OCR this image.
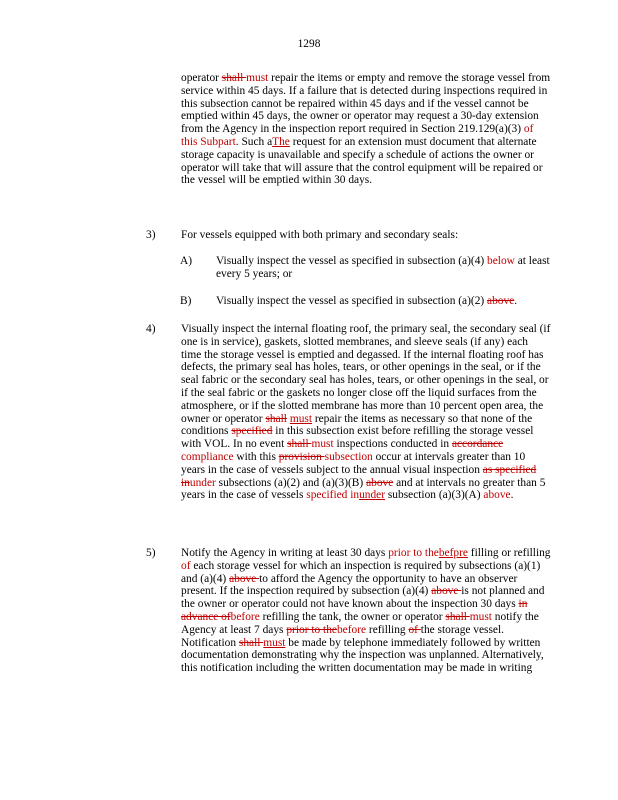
1298

operator shall must repair the items or empty and remove the storage vessel from service within 45 days. If a failure that is detected during inspections required in this subsection cannot be repaired within 45 days and if the vessel cannot be emptied within 45 days, the owner or operator may request a 30-day extension from the Agency in the inspection report required in Section 219.129(a)(3) of this Subpart. Such aThe request for an extension must document that alternate storage capacity is unavailable and specify a schedule of actions the owner or operator will take that will assure that the control equipment will be repaired or the vessel will be emptied within 30 days.

3) For vessels equipped with both primary and secondary seals:

A) Visually inspect the vessel as specified in subsection (a)(4) below at least every 5 years; or

B) Visually inspect the vessel as specified in subsection (a)(2) above.

4) Visually inspect the internal floating roof, the primary seal, the secondary seal (if one is in service), gaskets, slotted membranes, and sleeve seals (if any) each time the storage vessel is emptied and degassed. If the internal floating roof has defects, the primary seal has holes, tears, or other openings in the seal, or if the seal fabric or the secondary seal has holes, tears, or other openings in the seal, or if the seal fabric or the gaskets no longer close off the liquid surfaces from the atmosphere, or if the slotted membrane has more than 10 percent open area, the owner or operator shall must repair the items as necessary so that none of the conditions specified in this subsection exist before refilling the storage vessel with VOL. In no event shall must inspections conducted in accordance compliance with this provision subsection occur at intervals greater than 10 years in the case of vessels subject to the annual visual inspection as specified inunder subsections (a)(2) and (a)(3)(B) above and at intervals no greater than 5 years in the case of vessels specified inunder subsection (a)(3)(A) above.

5) Notify the Agency in writing at least 30 days prior to thebefpre filling or refilling of each storage vessel for which an inspection is required by subsections (a)(1) and (a)(4) above to afford the Agency the opportunity to have an observer present. If the inspection required by subsection (a)(4) above is not planned and the owner or operator could not have known about the inspection 30 days in advance ofbefore refilling the tank, the owner or operator shall must notify the Agency at least 7 days prior to thebefore refilling of the storage vessel. Notification shall must be made by telephone immediately followed by written documentation demonstrating why the inspection was unplanned. Alternatively, this notification including the written documentation may be made in writing
